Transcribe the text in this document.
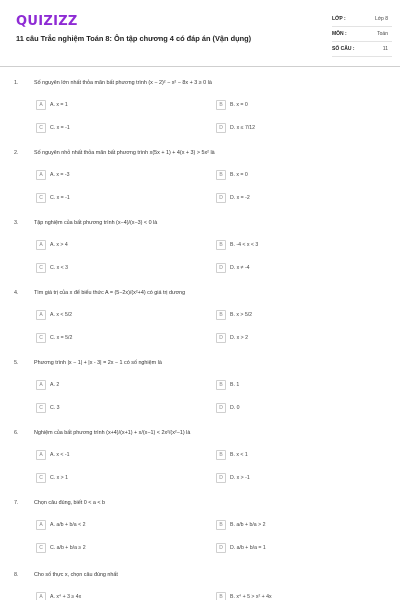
QUIZIZZ
11 câu Trắc nghiệm Toán 8: Ôn tập chương 4 có đáp án (Vận dụng)
LỚP :	Lớp 8
MÔN :	Toán
SỐ CÂU :	11
1.	Số nguyên lớn nhất thỏa mãn bất phương trình (x − 2)² − x² − 8x + 3 ≥ 0 là
A	A. x = 1	B	B. x = 0
C	C. x = -1	D	D. x ≤ 7/12
2.	Số nguyên nhỏ nhất thỏa mãn bất phương trình x(5x + 1) + 4(x + 3) > 5x² là
A	A. x = -3	B	B. x = 0
C	C. x = -1	D	D. x = -2
3.	Tập nghiệm của bất phương trình (x−4)/(x−3) < 0 là
A	A. x > 4	B	B. -4 < x < 3
C	C. x < 3	D	D. x ≠ -4
4.	Tìm giá trị của x để biểu thức A = (5−2x)/(x²+4) có giá trị dương
A	A. x < 5/2	B	B. x > 5/2
C	C. x = 5/2	D	D. x > 2
5.	Phương trình |x − 1| + |x - 3| = 2x − 1 có số nghiệm là
A	A. 2	B	B. 1
C	C. 3	D	D. 0
6.	Nghiệm của bất phương trình (x+4)/(x+1) + x/(x−1) < 2x²/(x²−1) là
A	A. x < -1	B	B. x < 1
C	C. x > 1	D	D. x > -1
7.	Chọn câu đúng, biết 0 < a < b
A	A. a/b + b/a < 2	B	B. a/b + b/a > 2
C	C. a/b + b/a ≥ 2	D	D. a/b + b/a = 1
8.	Cho số thực x, chọn câu đúng nhất
A	A. x⁴ + 3 ≥ 4x	B	B. x⁴ + 5 > x² + 4x
